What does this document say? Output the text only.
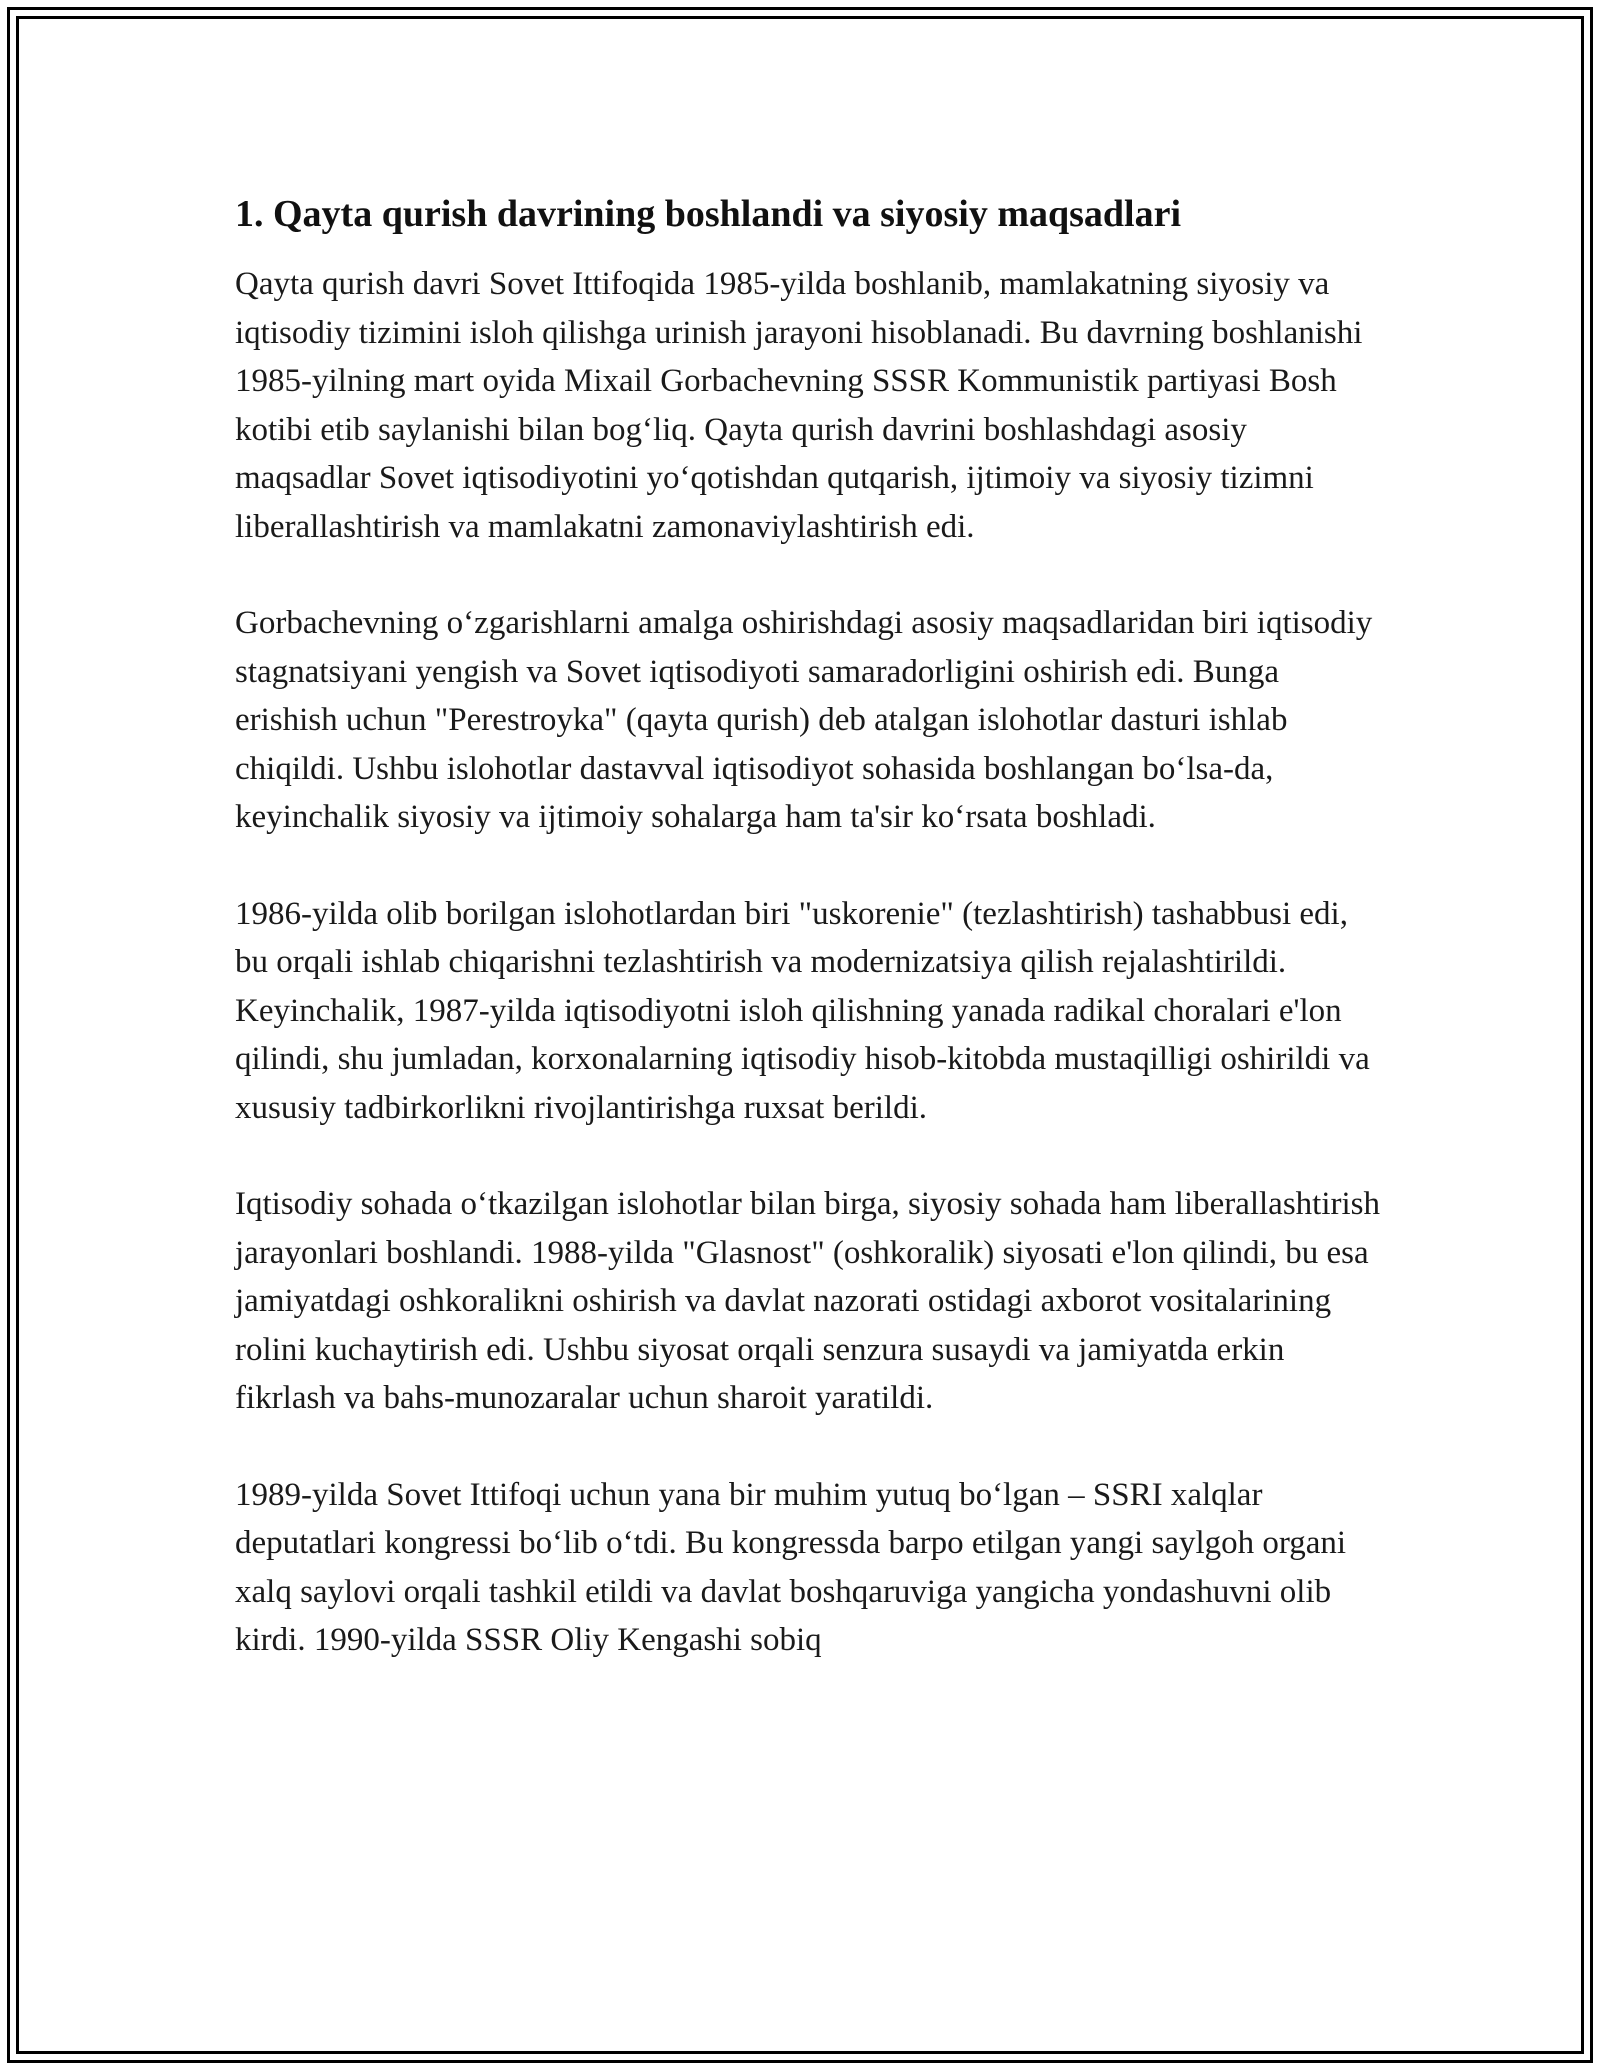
1. Qayta qurish davrining boshlandi va siyosiy maqsadlari

Qayta qurish davri Sovet Ittifoqida 1985-yilda boshlanib, mamlakatning siyosiy va iqtisodiy tizimini isloh qilishga urinish jarayoni hisoblanadi. Bu davrning boshlanishi 1985-yilning mart oyida Mixail Gorbachevning SSSR Kommunistik partiyasi Bosh kotibi etib saylanishi bilan bog‘liq. Qayta qurish davrini boshlashdagi asosiy maqsadlar Sovet iqtisodiyotini yo‘qotishdan qutqarish, ijtimoiy va siyosiy tizimni liberallashtirish va mamlakatni zamonaviylashtirish edi.

Gorbachevning o‘zgarishlarni amalga oshirishdagi asosiy maqsadlaridan biri iqtisodiy stagnatsiyani yengish va Sovet iqtisodiyoti samaradorligini oshirish edi. Bunga erishish uchun "Perestroyka" (qayta qurish) deb atalgan islohotlar dasturi ishlab chiqildi. Ushbu islohotlar dastavval iqtisodiyot sohasida boshlangan bo‘lsa-da, keyinchalik siyosiy va ijtimoiy sohalarga ham ta'sir ko‘rsata boshladi.

1986-yilda olib borilgan islohotlardan biri "uskorenie" (tezlashtirish) tashabbusi edi, bu orqali ishlab chiqarishni tezlashtirish va modernizatsiya qilish rejalashtirildi. Keyinchalik, 1987-yilda iqtisodiyotni isloh qilishning yanada radikal choralari e'lon qilindi, shu jumladan, korxonalarning iqtisodiy hisob-kitobda mustaqilligi oshirildi va xususiy tadbirkorlikni rivojlantirishga ruxsat berildi.

Iqtisodiy sohada o‘tkazilgan islohotlar bilan birga, siyosiy sohada ham liberallashtirish jarayonlari boshlandi. 1988-yilda "Glasnost" (oshkoralik) siyosati e'lon qilindi, bu esa jamiyatdagi oshkoralikni oshirish va davlat nazorati ostidagi axborot vositalarining rolini kuchaytirish edi. Ushbu siyosat orqali senzura susaydi va jamiyatda erkin fikrlash va bahs-munozaralar uchun sharoit yaratildi.

1989-yilda Sovet Ittifoqi uchun yana bir muhim yutuq bo‘lgan – SSRI xalqlar deputatlari kongressi bo‘lib o‘tdi. Bu kongressda barpo etilgan yangi saylgoh organi xalq saylovi orqali tashkil etildi va davlat boshqaruviga yangicha yondashuvni olib kirdi. 1990-yilda SSSR Oliy Kengashi sobiq
